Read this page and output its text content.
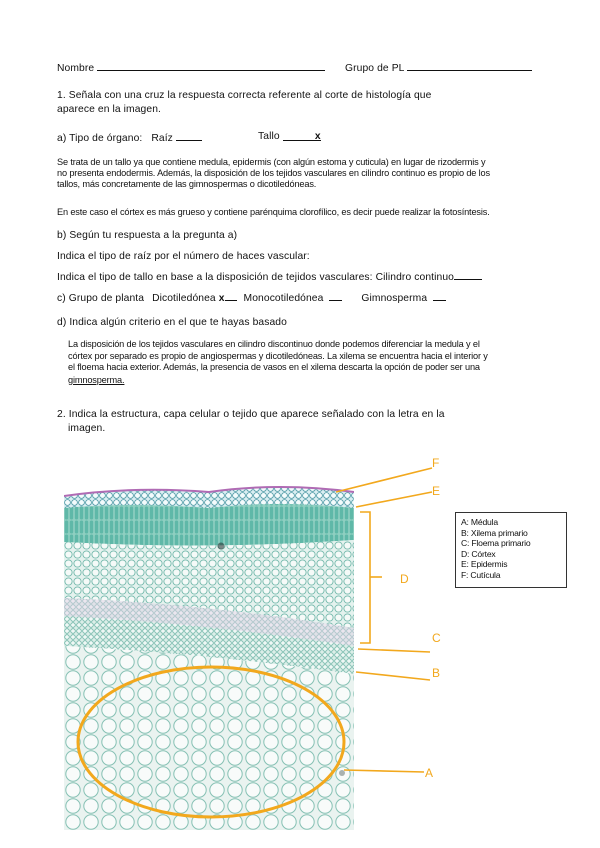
Nombre	Grupo de PL
1. Señala con una cruz la respuesta correcta referente al corte de histología que
aparece en la imagen.
a) Tipo de órgano: Raíz	Tallo	x
Se trata de un tallo ya que contiene medula, epidermis (con algún estoma y cuticula) en lugar de rizodermis y
no presenta endodermis. Además, la disposición de los tejidos vasculares en cilindro continuo es propio de los
tallos, más concretamente de las gimnospermas o dicotiledóneas.
En este caso el córtex es más grueso y contiene parénquima clorofílico, es decir puede realizar la fotosíntesis.
b) Según tu respuesta a la pregunta a)
Indica el tipo de raíz por el número de haces vascular:
Indica el tipo de tallo en base a la disposición de tejidos vasculares: Cilindro continuo
c) Grupo de planta Dicotiledónea x Monocotiledónea	Gimnosperma
d) Indica algún criterio en el que te hayas basado
La disposición de los tejidos vasculares en cilindro discontinuo donde podemos diferenciar la medula y el
córtex por separado es propio de angiospermas y dicotiledóneas. La xilema se encuentra hacia el interior y
el floema hacia exterior. Además, la presencia de vasos en el xilema descarta la opción de poder ser una
gimnosperma.
2. Indica la estructura, capa celular o tejido que aparece señalado con la letra en la
imagen.
F
E
D
C
B
A
A: Médula
B: Xilema primario
C: Floema primario
D: Córtex
E: Epidermis
F: Cutícula
